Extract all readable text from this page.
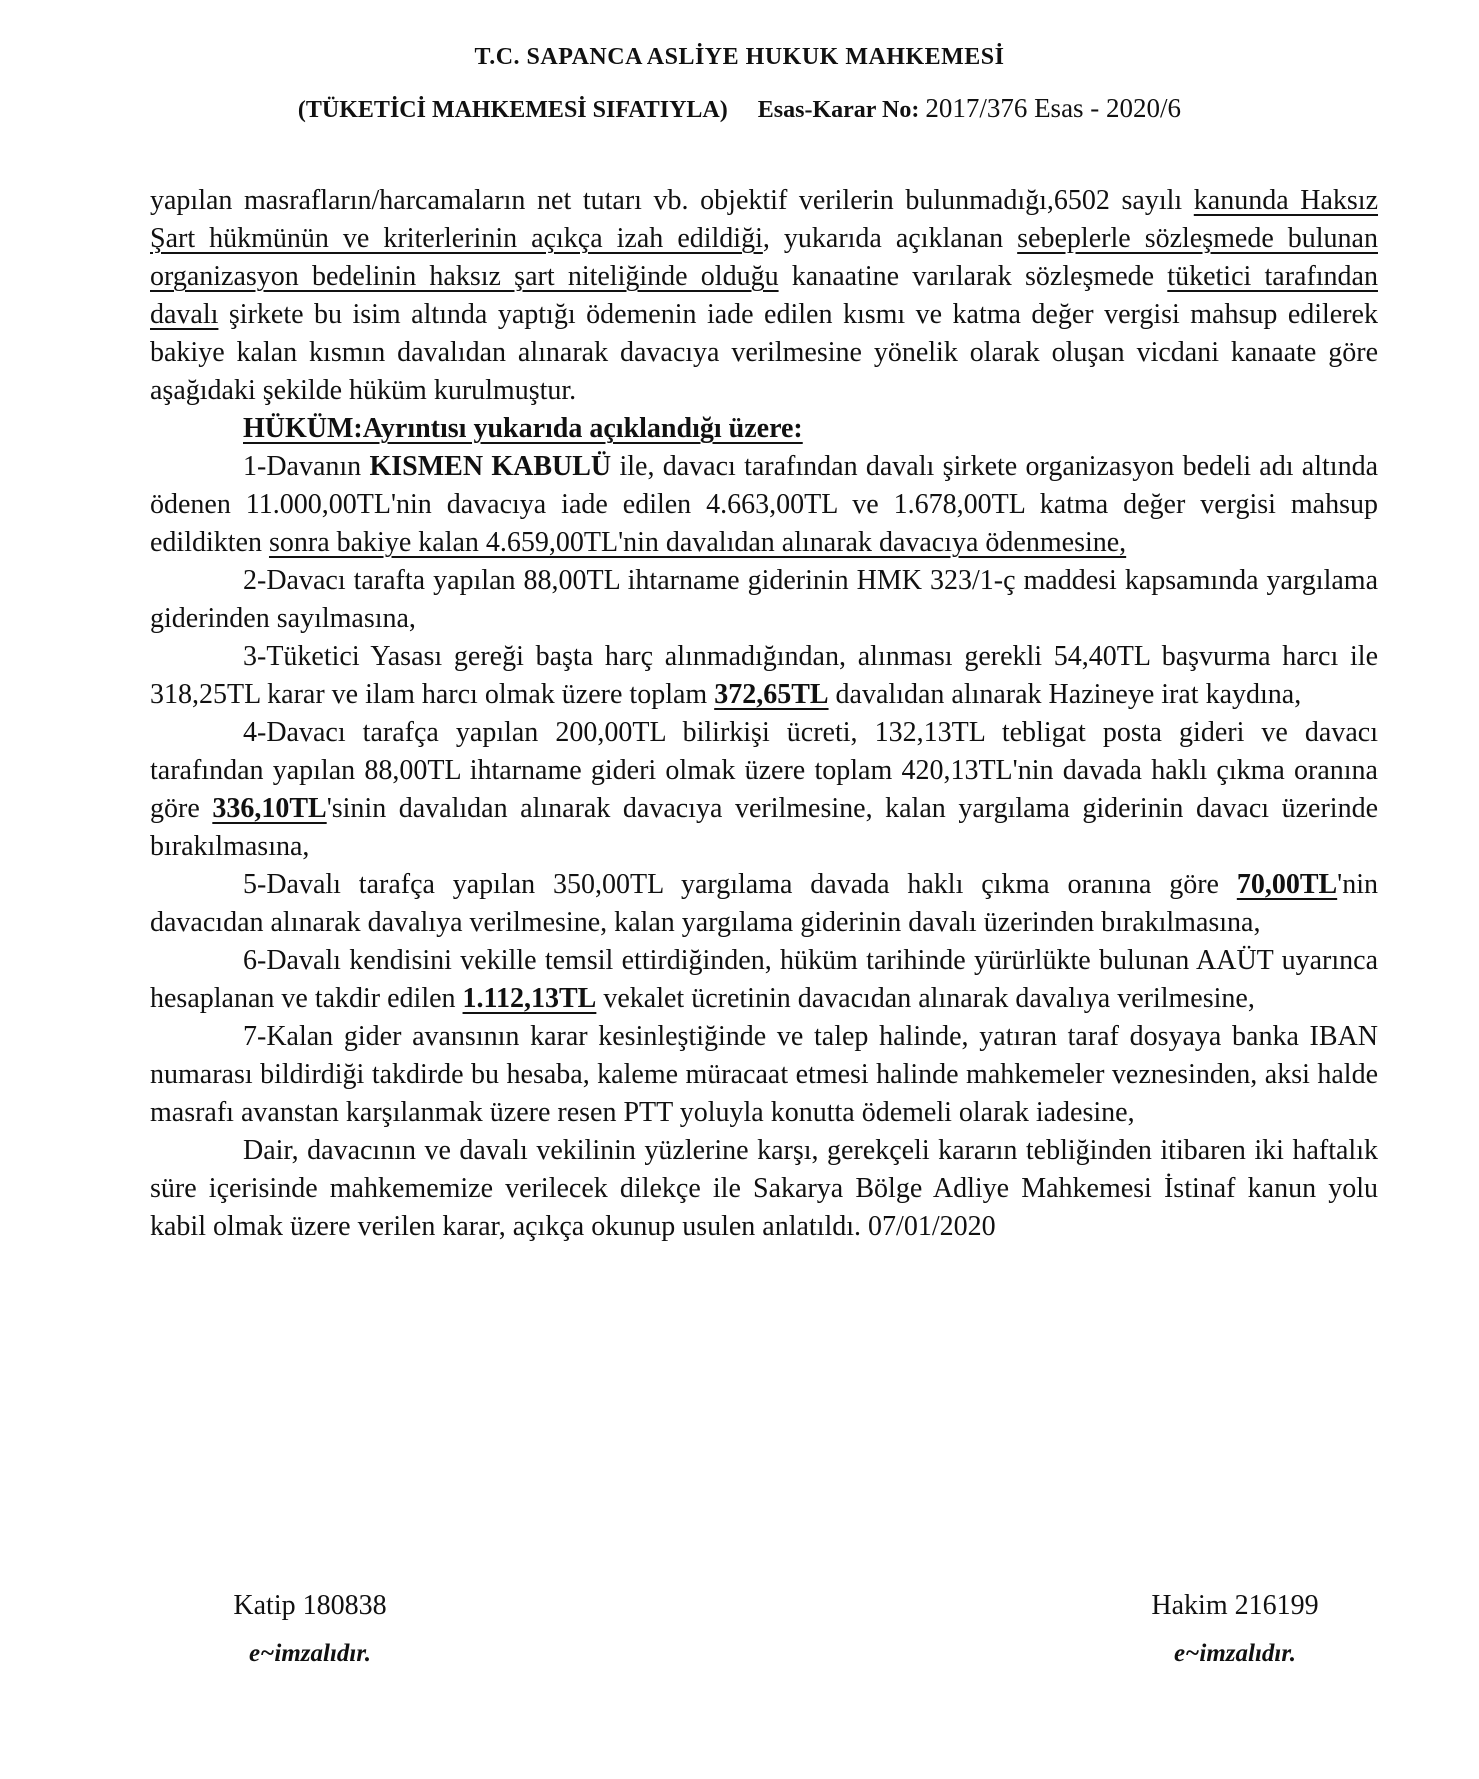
T.C. SAPANCA ASLİYE HUKUK MAHKEMESİ
(TÜKETİCİ MAHKEMESİ SIFATIYLA) Esas-Karar No: 2017/376 Esas - 2020/6

yapılan masrafların/harcamaların net tutarı vb. objektif verilerin bulunmadığı,6502 sayılı kanunda Haksız Şart hükmünün ve kriterlerinin açıkça izah edildiği, yukarıda açıklanan sebeplerle sözleşmede bulunan organizasyon bedelinin haksız şart niteliğinde olduğu kanaatine varılarak sözleşmede tüketici tarafından davalı şirkete bu isim altında yaptığı ödemenin iade edilen kısmı ve katma değer vergisi mahsup edilerek bakiye kalan kısmın davalıdan alınarak davacıya verilmesine yönelik olarak oluşan vicdani kanaate göre aşağıdaki şekilde hüküm kurulmuştur.

HÜKÜM:Ayrıntısı yukarıda açıklandığı üzere:

1-Davanın KISMEN KABULÜ ile, davacı tarafından davalı şirkete organizasyon bedeli adı altında ödenen 11.000,00TL'nin davacıya iade edilen 4.663,00TL ve 1.678,00TL katma değer vergisi mahsup edildikten sonra bakiye kalan 4.659,00TL'nin davalıdan alınarak davacıya ödenmesine,

2-Davacı tarafta yapılan 88,00TL ihtarname giderinin HMK 323/1-ç maddesi kapsamında yargılama giderinden sayılmasına,

3-Tüketici Yasası gereği başta harç alınmadığından, alınması gerekli 54,40TL başvurma harcı ile 318,25TL karar ve ilam harcı olmak üzere toplam 372,65TL davalıdan alınarak Hazineye irat kaydına,

4-Davacı tarafça yapılan 200,00TL bilirkişi ücreti, 132,13TL tebligat posta gideri ve davacı tarafından yapılan 88,00TL ihtarname gideri olmak üzere toplam 420,13TL'nin davada haklı çıkma oranına göre 336,10TL'sinin davalıdan alınarak davacıya verilmesine, kalan yargılama giderinin davacı üzerinde bırakılmasına,

5-Davalı tarafça yapılan 350,00TL yargılama davada haklı çıkma oranına göre 70,00TL'nin davacıdan alınarak davalıya verilmesine, kalan yargılama giderinin davalı üzerinden bırakılmasına,

6-Davalı kendisini vekille temsil ettirdiğinden, hüküm tarihinde yürürlükte bulunan AAÜT uyarınca hesaplanan ve takdir edilen 1.112,13TL vekalet ücretinin davacıdan alınarak davalıya verilmesine,

7-Kalan gider avansının karar kesinleştiğinde ve talep halinde, yatıran taraf dosyaya banka IBAN numarası bildirdiği takdirde bu hesaba, kaleme müracaat etmesi halinde mahkemeler veznesinden, aksi halde masrafı avanstan karşılanmak üzere resen PTT yoluyla konutta ödemeli olarak iadesine,

Dair, davacının ve davalı vekilinin yüzlerine karşı, gerekçeli kararın tebliğinden itibaren iki haftalık süre içerisinde mahkememize verilecek dilekçe ile Sakarya Bölge Adliye Mahkemesi İstinaf kanun yolu kabil olmak üzere verilen karar, açıkça okunup usulen anlatıldı. 07/01/2020

Katip 180838
e~imzalıdır.
Hakim 216199
e~imzalıdır.
